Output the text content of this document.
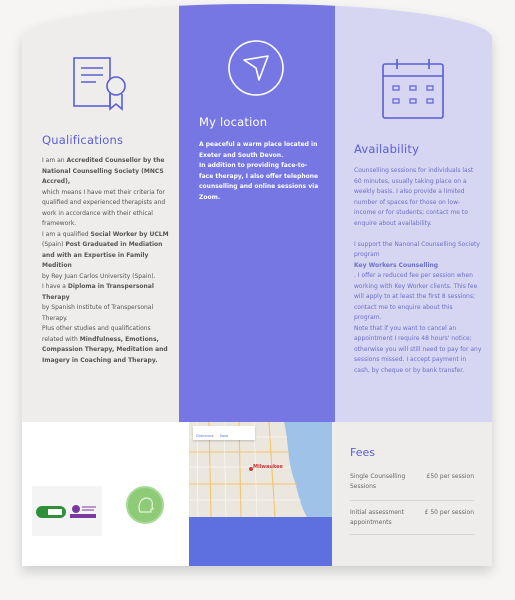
Qualifications

I am an Accredited Counsellor by the National Counselling Society (MNCS Accred),

which means I have met their criteria for qualified and experienced therapists and work in accordance with their ethical framework.

I am a qualified Social Worker by UCLM

(Spain) Post Graduated in Mediation and with an Expertise in Family Medition

by Rey Juan Carlos University (Spain).

I have a Diploma in Transpersonal Therapy

by Spanish Institute of Transpersonal Therapy.

Plus other studies and qualifications related with Mindfulness, Emotions, Compassion Therapy, Meditation and Imagery in Coaching and Therapy.

My location

A peaceful a warm place located in Exeter and South Devon.

In addition to providing face-to-face therapy, I also offer telephone counselling and online sessions via Zoom.

Availability

Counselling sessions for individuals last 60 minutes, usually taking place on a weekly basis. I also provide a limited number of spaces for those on low-income or for students; contact me to enquire about availability.

I support the Nanonal Counselling Society program

Key Workers Counselling

. I offer a reduced fee per session when working with Key Worker clients. This fee will apply to at least the first 8 sessions; contact me to enquire about this program.

Note that if you want to cancel an appointment I require 48 hours' notice; otherwise you will still need to pay for any sessions missed. I accept payment in cash, by cheque or by bank transfer.

Directions Save
Milwaukee
Fees
Single Counselling Sessions
£50 per session
Initial assessment appointments
£ 50 per session
